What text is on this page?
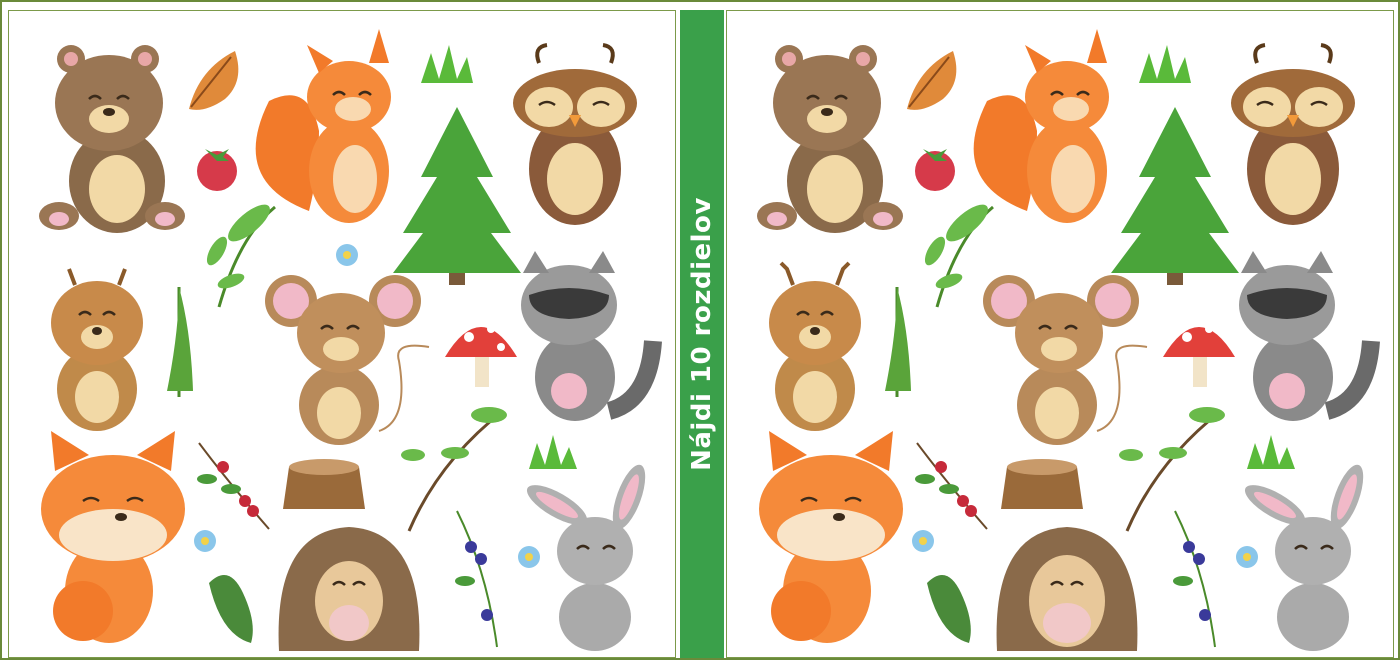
Nájdi 10 rozdielov
